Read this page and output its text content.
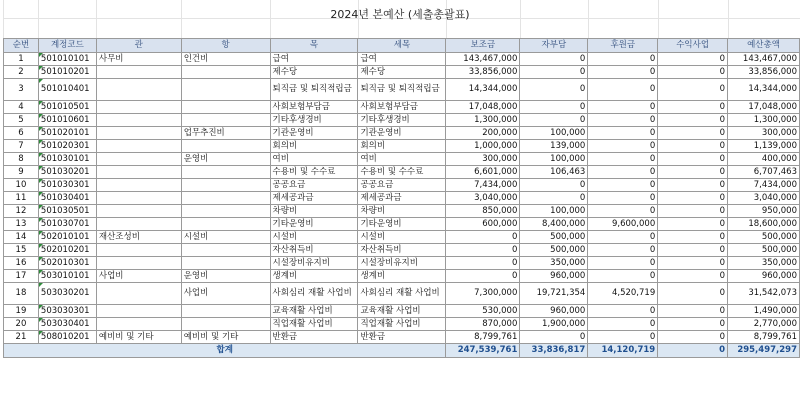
2024년 본예산 (세출총괄표)
순번	계정코드	관	항	목	세목	보조금	자부담	후원금	수익사업	예산총액
1	501010101	사무비	인건비	급여	급여	143,467,000	0	0	0	143,467,000
2	501010201			제수당	제수당	33,856,000	0	0	0	33,856,000
3	501010401			퇴직금 및 퇴직적립금	퇴직금 및 퇴직적립금	14,344,000	0	0	0	14,344,000
4	501010501			사회보험부담금	사회보험부담금	17,048,000	0	0	0	17,048,000
5	501010601			기타후생경비	기타후생경비	1,300,000	0	0	0	1,300,000
6	501020101		업무추진비	기관운영비	기관운영비	200,000	100,000	0	0	300,000
7	501020301			회의비	회의비	1,000,000	139,000	0	0	1,139,000
8	501030101		운영비	여비	여비	300,000	100,000	0	0	400,000
9	501030201			수용비 및 수수료	수용비 및 수수료	6,601,000	106,463	0	0	6,707,463
10	501030301			공공요금	공공요금	7,434,000	0	0	0	7,434,000
11	501030401			제세공과금	제세공과금	3,040,000	0	0	0	3,040,000
12	501030501			차량비	차량비	850,000	100,000	0	0	950,000
13	501030701			기타운영비	기타운영비	600,000	8,400,000	9,600,000	0	18,600,000
14	502010101	재산조성비	시설비	시설비	시설비	0	500,000	0	0	500,000
15	502010201			자산취득비	자산취득비	0	500,000	0	0	500,000
16	502010301			시설장비유지비	시설장비유지비	0	350,000	0	0	350,000
17	503010101	사업비	운영비	생계비	생계비	0	960,000	0	0	960,000
18	503030201		사업비	사회심리 재활 사업비	사회심리 재활 사업비	7,300,000	19,721,354	4,520,719	0	31,542,073
19	503030301			교육재활 사업비	교육재활 사업비	530,000	960,000	0	0	1,490,000
20	503030401			직업재활 사업비	직업재활 사업비	870,000	1,900,000	0	0	2,770,000
21	508010201	예비비 및 기타	예비비 및 기타	반환금	반환금	8,799,761	0	0	0	8,799,761
합계						247,539,761	33,836,817	14,120,719	0	295,497,297
